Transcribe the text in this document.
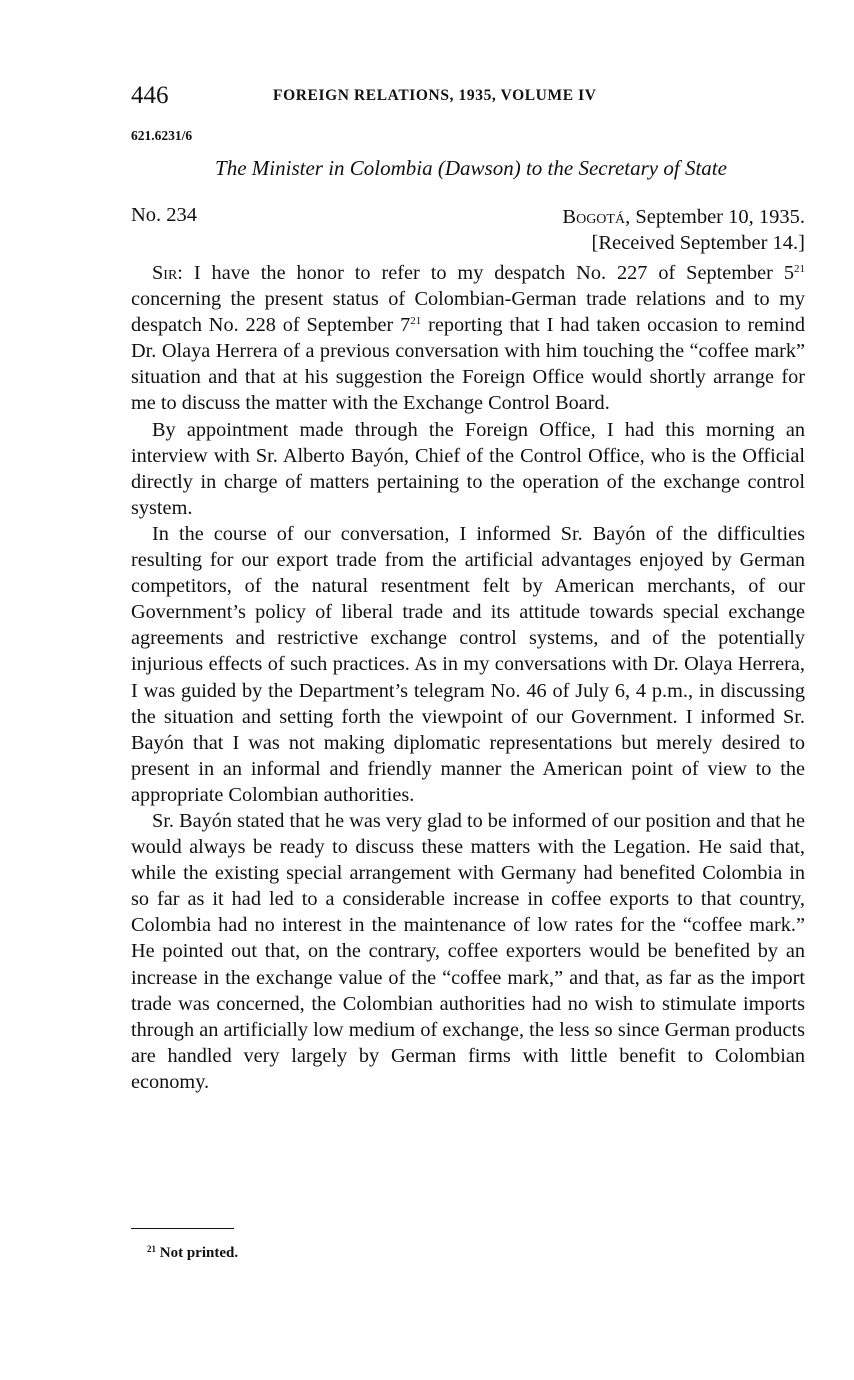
446	FOREIGN RELATIONS, 1935, VOLUME IV
621.6231/6
The Minister in Colombia (Dawson) to the Secretary of State
No. 234	Bogotá, September 10, 1935.
[Received September 14.]

Sir: I have the honor to refer to my despatch No. 227 of September $5^{21}$ concerning the present status of Colombian-German trade relations and to my despatch No. 228 of September $7^{21}$ reporting that I had taken occasion to remind Dr. Olaya Herrera of a previous conversation with him touching the “coffee mark” situation and that at his suggestion the Foreign Office would shortly arrange for me to discuss the matter with the Exchange Control Board.

By appointment made through the Foreign Office, I had this morning an interview with Sr. Alberto Bayón, Chief of the Control Office, who is the Official directly in charge of matters pertaining to the operation of the exchange control system.

In the course of our conversation, I informed Sr. Bayón of the difficulties resulting for our export trade from the artificial advantages enjoyed by German competitors, of the natural resentment felt by American merchants, of our Government’s policy of liberal trade and its attitude towards special exchange agreements and restrictive exchange control systems, and of the potentially injurious effects of such practices. As in my conversations with Dr. Olaya Herrera, I was guided by the Department’s telegram No. 46 of July 6, 4 p.m., in discussing the situation and setting forth the viewpoint of our Government. I informed Sr. Bayón that I was not making diplomatic representations but merely desired to present in an informal and friendly manner the American point of view to the appropriate Colombian authorities.

Sr. Bayón stated that he was very glad to be informed of our position and that he would always be ready to discuss these matters with the Legation. He said that, while the existing special arrangement with Germany had benefited Colombia in so far as it had led to a considerable increase in coffee exports to that country, Colombia had no interest in the maintenance of low rates for the “coffee mark.” He pointed out that, on the contrary, coffee exporters would be benefited by an increase in the exchange value of the “coffee mark,” and that, as far as the import trade was concerned, the Colombian authorities had no wish to stimulate imports through an artificially low medium of exchange, the less so since German products are handled very largely by German firms with little benefit to Colombian economy.

$^{21}$ Not printed.
